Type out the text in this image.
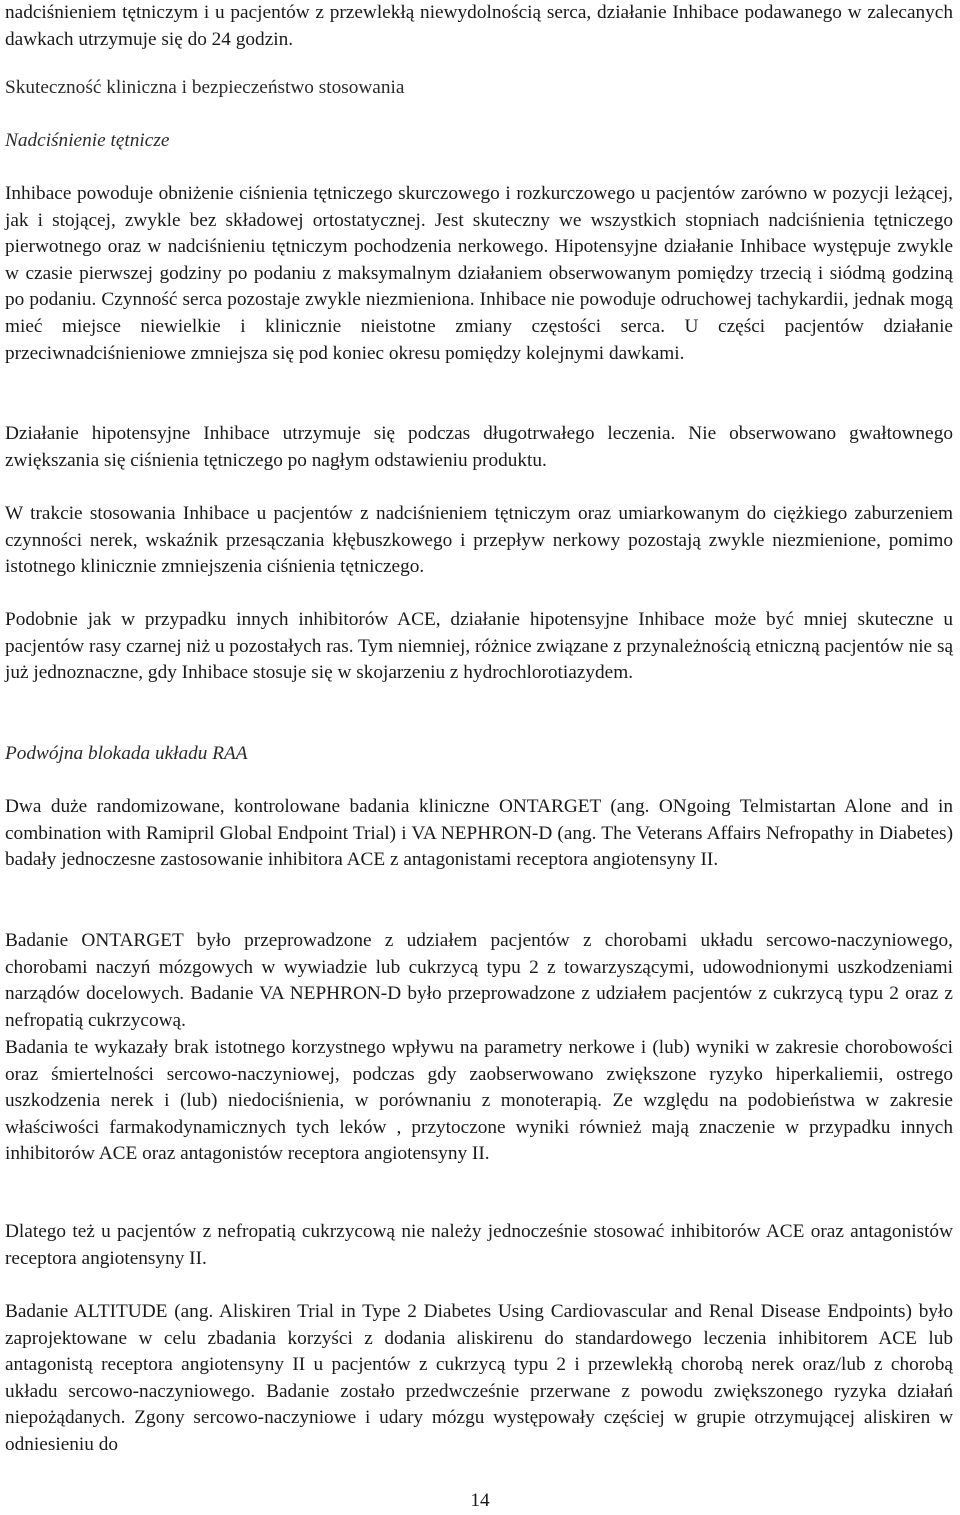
nadciśnieniem tętniczym i u pacjentów z przewlekłą niewydolnością serca, działanie Inhibace podawanego w zalecanych dawkach utrzymuje się do 24 godzin.

Skuteczność kliniczna i bezpieczeństwo stosowania

Nadciśnienie tętnicze

Inhibace powoduje obniżenie ciśnienia tętniczego skurczowego i rozkurczowego u pacjentów zarówno w pozycji leżącej, jak i stojącej, zwykle bez składowej ortostatycznej. Jest skuteczny we wszystkich stopniach nadciśnienia tętniczego pierwotnego oraz w nadciśnieniu tętniczym pochodzenia nerkowego. Hipotensyjne działanie Inhibace występuje zwykle w czasie pierwszej godziny po podaniu z maksymalnym działaniem obserwowanym pomiędzy trzecią i siódmą godziną po podaniu. Czynność serca pozostaje zwykle niezmieniona. Inhibace nie powoduje odruchowej tachykardii, jednak mogą mieć miejsce niewielkie i klinicznie nieistotne zmiany częstości serca. U części pacjentów działanie przeciwnadciśnieniowe zmniejsza się pod koniec okresu pomiędzy kolejnymi dawkami.

Działanie hipotensyjne Inhibace utrzymuje się podczas długotrwałego leczenia. Nie obserwowano gwałtownego zwiększania się ciśnienia tętniczego po nagłym odstawieniu produktu.

W trakcie stosowania Inhibace u pacjentów z nadciśnieniem tętniczym oraz umiarkowanym do ciężkiego zaburzeniem czynności nerek, wskaźnik przesączania kłębuszkowego i przepływ nerkowy pozostają zwykle niezmienione, pomimo istotnego klinicznie zmniejszenia ciśnienia tętniczego.

Podobnie jak w przypadku innych inhibitorów ACE, działanie hipotensyjne Inhibace może być mniej skuteczne u pacjentów rasy czarnej niż u pozostałych ras. Tym niemniej, różnice związane z przynależnością etniczną pacjentów nie są już jednoznaczne, gdy Inhibace stosuje się w skojarzeniu z hydrochlorotiazydem.

Podwójna blokada układu RAA

Dwa duże randomizowane, kontrolowane badania kliniczne ONTARGET (ang. ONgoing Telmistartan Alone and in combination with Ramipril Global Endpoint Trial) i VA NEPHRON-D (ang. The Veterans Affairs Nefropathy in Diabetes) badały jednoczesne zastosowanie inhibitora ACE z antagonistami receptora angiotensyny II.

Badanie ONTARGET było przeprowadzone z udziałem pacjentów z chorobami układu sercowo-naczyniowego, chorobami naczyń mózgowych w wywiadzie lub cukrzycą typu 2 z towarzyszącymi, udowodnionymi uszkodzeniami narządów docelowych. Badanie VA NEPHRON-D było przeprowadzone z udziałem pacjentów z cukrzycą typu 2 oraz z nefropatią cukrzycową.

Badania te wykazały brak istotnego korzystnego wpływu na parametry nerkowe i (lub) wyniki w zakresie chorobowości oraz śmiertelności sercowo-naczyniowej, podczas gdy zaobserwowano zwiększone ryzyko hiperkaliemii, ostrego uszkodzenia nerek i (lub) niedociśnienia, w porównaniu z monoterapią. Ze względu na podobieństwa w zakresie właściwości farmakodynamicznych tych leków , przytoczone wyniki również mają znaczenie w przypadku innych inhibitorów ACE oraz antagonistów receptora angiotensyny II.

Dlatego też u pacjentów z nefropatią cukrzycową nie należy jednocześnie stosować inhibitorów ACE oraz antagonistów receptora angiotensyny II.

Badanie ALTITUDE (ang. Aliskiren Trial in Type 2 Diabetes Using Cardiovascular and Renal Disease Endpoints) było zaprojektowane w celu zbadania korzyści z dodania aliskirenu do standardowego leczenia inhibitorem ACE lub antagonistą receptora angiotensyny II u pacjentów z cukrzycą typu 2 i przewlekłą chorobą nerek oraz/lub z chorobą układu sercowo-naczyniowego. Badanie zostało przedwcześnie przerwane z powodu zwiększonego ryzyka działań niepożądanych. Zgony sercowo-naczyniowe i udary mózgu występowały częściej w grupie otrzymującej aliskiren w odniesieniu do

14
